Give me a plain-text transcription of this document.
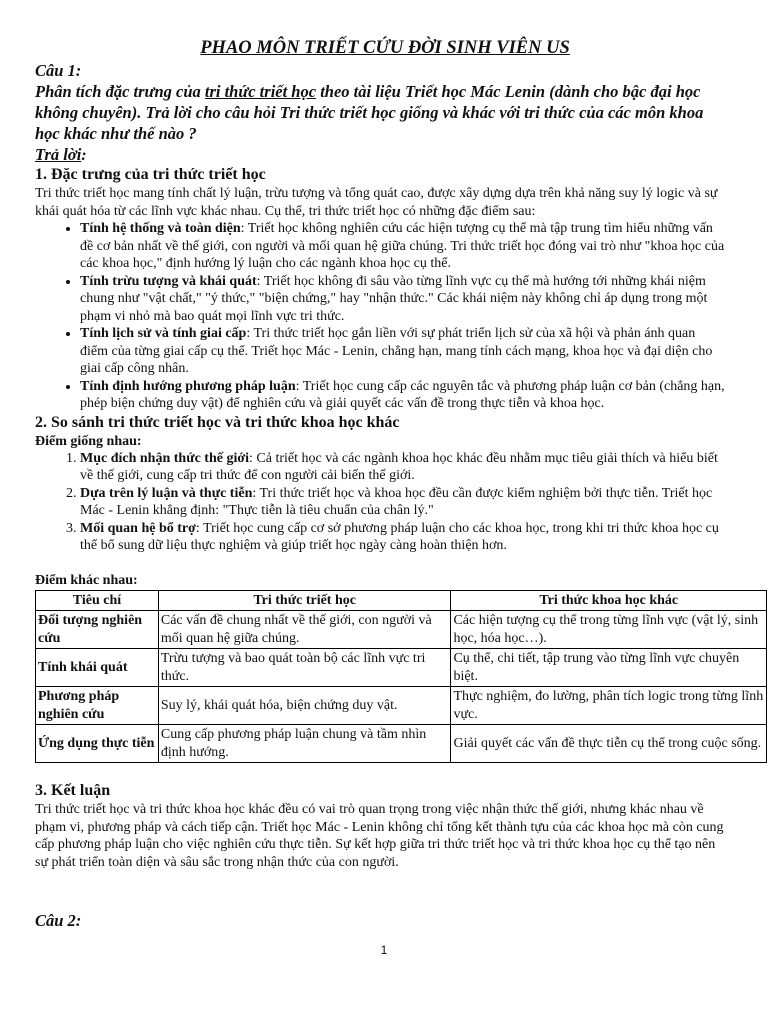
PHAO MÔN TRIẾT CỨU ĐỜI SINH VIÊN US
Câu 1:

Phân tích đặc trưng của tri thức triết học theo tài liệu Triết học Mác Lenin (dành cho bậc đại học không chuyên). Trả lời cho câu hỏi Tri thức triết học giống và khác với tri thức của các môn khoa học khác như thế nào ?

Trả lời:
1. Đặc trưng của tri thức triết học

Tri thức triết học mang tính chất lý luận, trừu tượng và tổng quát cao, được xây dựng dựa trên khả năng suy lý logic và sự khái quát hóa từ các lĩnh vực khác nhau. Cụ thể, tri thức triết học có những đặc điểm sau:

• Tính hệ thống và toàn diện: Triết học không nghiên cứu các hiện tượng cụ thể mà tập trung tìm hiểu những vấn đề cơ bản nhất về thế giới, con người và mối quan hệ giữa chúng. Tri thức triết học đóng vai trò như "khoa học của các khoa học," định hướng lý luận cho các ngành khoa học cụ thể.
• Tính trừu tượng và khái quát: Triết học không đi sâu vào từng lĩnh vực cụ thể mà hướng tới những khái niệm chung như "vật chất," "ý thức," "biện chứng," hay "nhận thức." Các khái niệm này không chỉ áp dụng trong một phạm vi nhỏ mà bao quát mọi lĩnh vực tri thức.
• Tính lịch sử và tính giai cấp: Tri thức triết học gắn liền với sự phát triển lịch sử của xã hội và phản ánh quan điểm của từng giai cấp cụ thể. Triết học Mác - Lenin, chẳng hạn, mang tính cách mạng, khoa học và đại diện cho giai cấp công nhân.
• Tính định hướng phương pháp luận: Triết học cung cấp các nguyên tắc và phương pháp luận cơ bản (chẳng hạn, phép biện chứng duy vật) để nghiên cứu và giải quyết các vấn đề trong thực tiễn và khoa học.
2. So sánh tri thức triết học và tri thức khoa học khác
Điểm giống nhau:
1. Mục đích nhận thức thế giới: Cả triết học và các ngành khoa học khác đều nhằm mục tiêu giải thích và hiểu biết về thế giới, cung cấp tri thức để con người cải biến thế giới.
2. Dựa trên lý luận và thực tiễn: Tri thức triết học và khoa học đều cần được kiểm nghiệm bởi thực tiễn. Triết học Mác - Lenin khẳng định: "Thực tiễn là tiêu chuẩn của chân lý."
3. Mối quan hệ bổ trợ: Triết học cung cấp cơ sở phương pháp luận cho các khoa học, trong khi tri thức khoa học cụ thể bổ sung dữ liệu thực nghiệm và giúp triết học ngày càng hoàn thiện hơn.
Điểm khác nhau:
Tiêu chí	Tri thức triết học	Tri thức khoa học khác
Đối tượng nghiên cứu	Các vấn đề chung nhất về thế giới, con người và mối quan hệ giữa chúng.	Các hiện tượng cụ thể trong từng lĩnh vực (vật lý, sinh học, hóa học…).
Tính khái quát	Trừu tượng và bao quát toàn bộ các lĩnh vực tri thức.	Cụ thể, chi tiết, tập trung vào từng lĩnh vực chuyên biệt.
Phương pháp nghiên cứu	Suy lý, khái quát hóa, biện chứng duy vật.	Thực nghiệm, đo lường, phân tích logic trong từng lĩnh vực.
Ứng dụng thực tiễn	Cung cấp phương pháp luận chung và tầm nhìn định hướng.	Giải quyết các vấn đề thực tiễn cụ thể trong cuộc sống.
3. Kết luận

Tri thức triết học và tri thức khoa học khác đều có vai trò quan trọng trong việc nhận thức thế giới, nhưng khác nhau về phạm vi, phương pháp và cách tiếp cận. Triết học Mác - Lenin không chỉ tổng kết thành tựu của các khoa học mà còn cung cấp phương pháp luận cho việc nghiên cứu thực tiễn. Sự kết hợp giữa tri thức triết học và tri thức khoa học cụ thể tạo nên sự phát triển toàn diện và sâu sắc trong nhận thức của con người.

Câu 2:
1
